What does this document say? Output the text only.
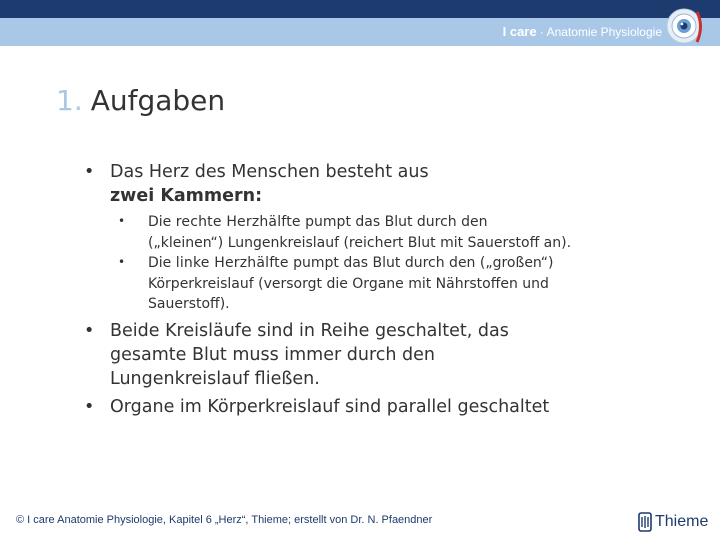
I care · Anatomie Physiologie
1. Aufgaben
• Das Herz des Menschen besteht aus
zwei Kammern:
• Die rechte Herzhälfte pumpt das Blut durch den
(„kleinen“) Lungenkreislauf (reichert Blut mit Sauerstoff an).
• Die linke Herzhälfte pumpt das Blut durch den („großen“)
Körperkreislauf (versorgt die Organe mit Nährstoffen und
Sauerstoff).
• Beide Kreisläufe sind in Reihe geschaltet, das
gesamte Blut muss immer durch den
Lungenkreislauf fließen.
• Organe im Körperkreislauf sind parallel geschaltet
© I care Anatomie Physiologie, Kapitel 6 „Herz“, Thieme; erstellt von Dr. N. Pfaendner	Thieme
